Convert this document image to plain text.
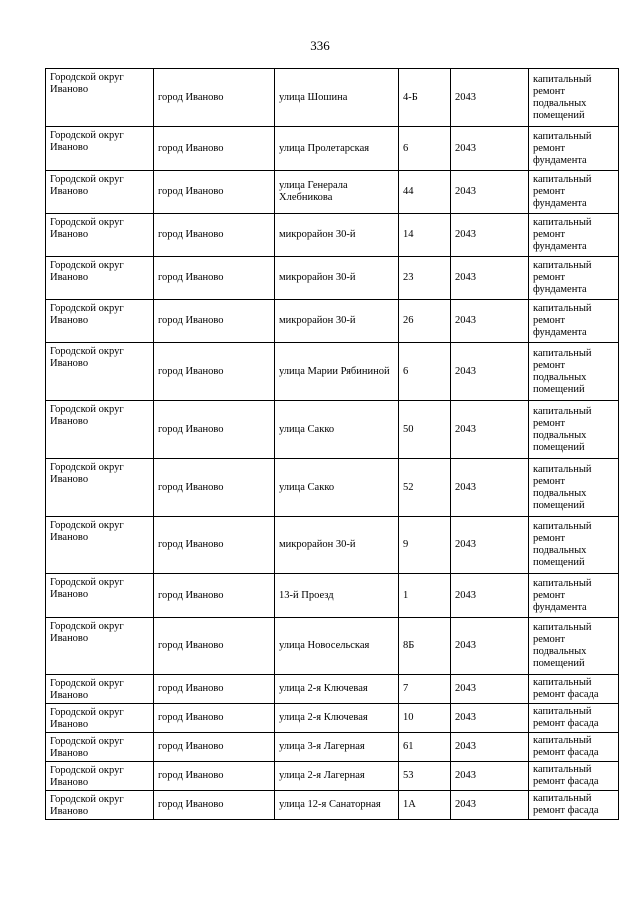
336
Городской округ Иваново	город Иваново	улица Шошина	4-Б	2043	капитальный ремонт подвальных помещений
Городской округ Иваново	город Иваново	улица Пролетарская	6	2043	капитальный ремонт фундамента
Городской округ Иваново	город Иваново	улица Генерала Хлебникова	44	2043	капитальный ремонт фундамента
Городской округ Иваново	город Иваново	микрорайон 30-й	14	2043	капитальный ремонт фундамента
Городской округ Иваново	город Иваново	микрорайон 30-й	23	2043	капитальный ремонт фундамента
Городской округ Иваново	город Иваново	микрорайон 30-й	26	2043	капитальный ремонт фундамента
Городской округ Иваново	город Иваново	улица Марии Рябининой	6	2043	капитальный ремонт подвальных помещений
Городской округ Иваново	город Иваново	улица Сакко	50	2043	капитальный ремонт подвальных помещений
Городской округ Иваново	город Иваново	улица Сакко	52	2043	капитальный ремонт подвальных помещений
Городской округ Иваново	город Иваново	микрорайон 30-й	9	2043	капитальный ремонт подвальных помещений
Городской округ Иваново	город Иваново	13-й Проезд	1	2043	капитальный ремонт фундамента
Городской округ Иваново	город Иваново	улица Новосельская	8Б	2043	капитальный ремонт подвальных помещений
Городской округ Иваново	город Иваново	улица 2-я Ключевая	7	2043	капитальный ремонт фасада
Городской округ Иваново	город Иваново	улица 2-я Ключевая	10	2043	капитальный ремонт фасада
Городской округ Иваново	город Иваново	улица 3-я Лагерная	61	2043	капитальный ремонт фасада
Городской округ Иваново	город Иваново	улица 2-я Лагерная	53	2043	капитальный ремонт фасада
Городской округ Иваново	город Иваново	улица 12-я Санаторная	1А	2043	капитальный ремонт фасада
